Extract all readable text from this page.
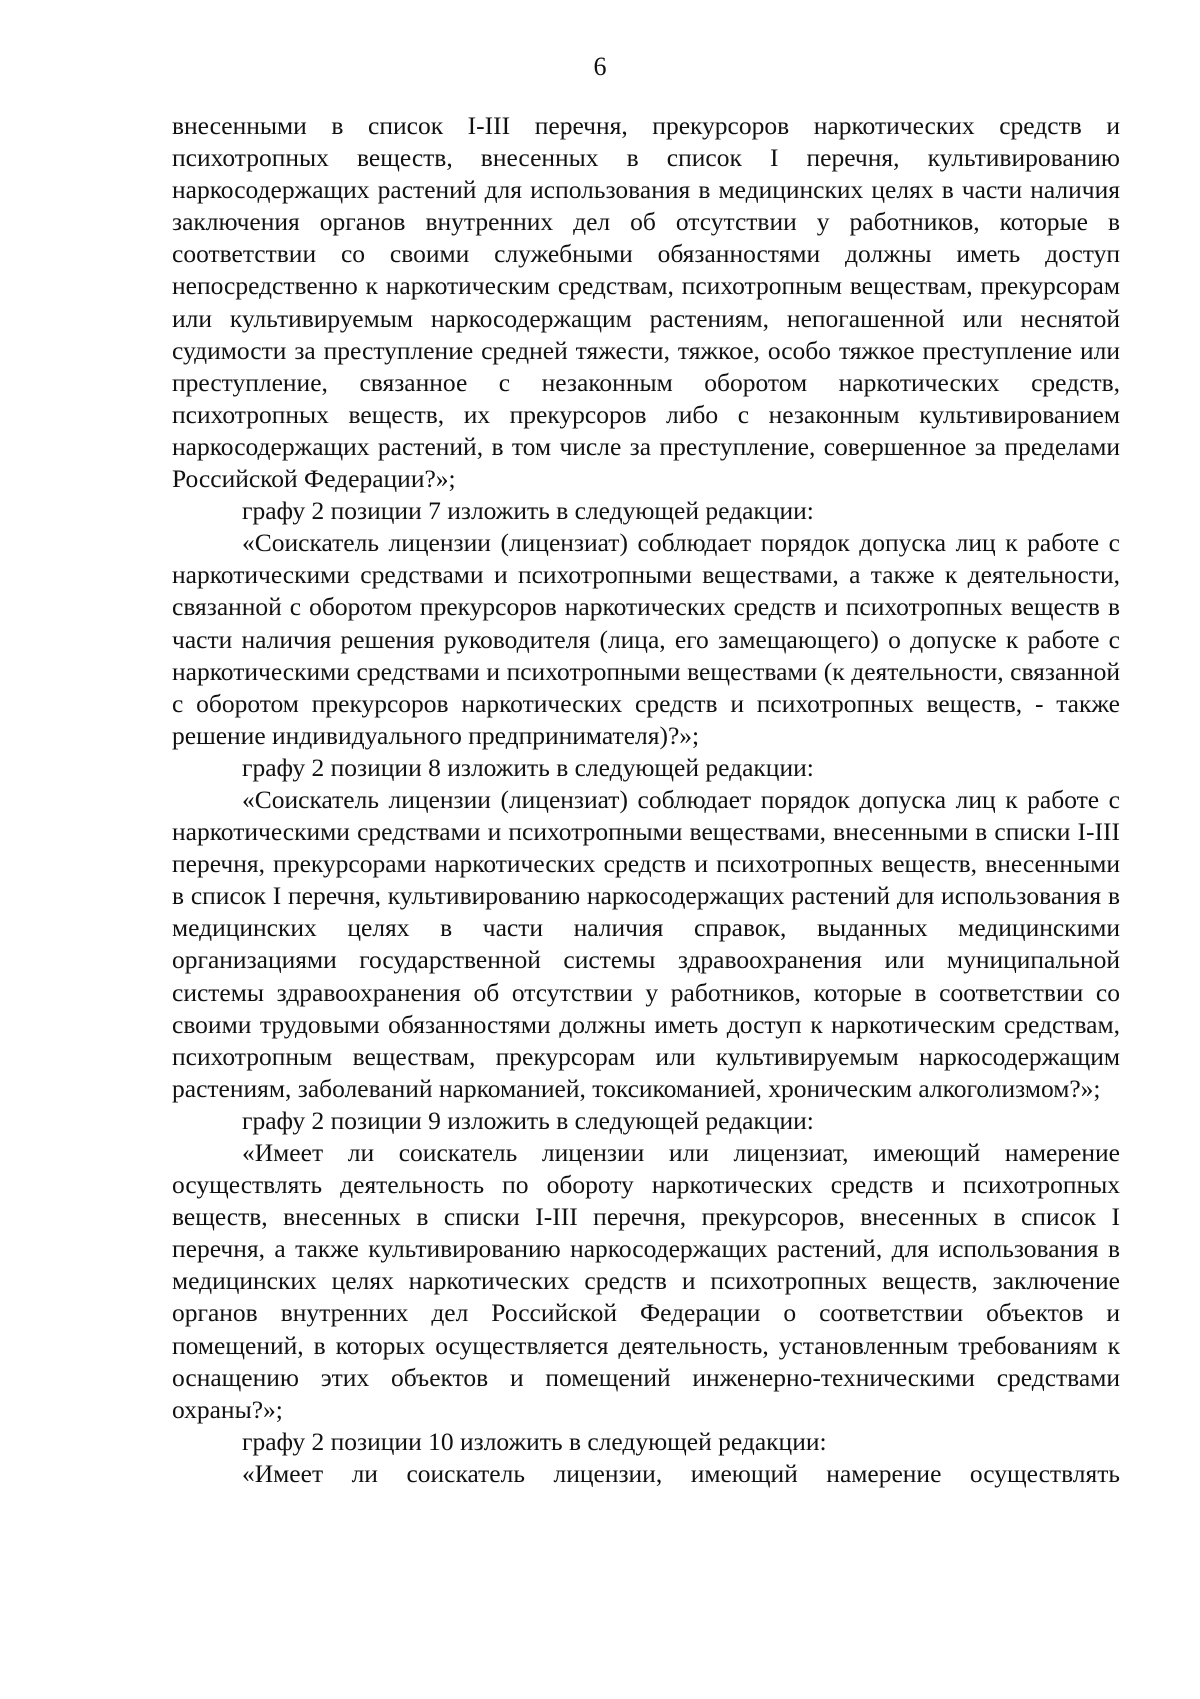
6

внесенными в список I-III перечня, прекурсоров наркотических средств и психотропных веществ, внесенных в список I перечня, культивированию наркосодержащих растений для использования в медицинских целях в части наличия заключения органов внутренних дел об отсутствии у работников, которые в соответствии со своими служебными обязанностями должны иметь доступ непосредственно к наркотическим средствам, психотропным веществам, прекурсорам или культивируемым наркосодержащим растениям, непогашенной или неснятой судимости за преступление средней тяжести, тяжкое, особо тяжкое преступление или преступление, связанное с незаконным оборотом наркотических средств, психотропных веществ, их прекурсоров либо с незаконным культивированием наркосодержащих растений, в том числе за преступление, совершенное за пределами Российской Федерации?»;

графу 2 позиции 7 изложить в следующей редакции:

«Соискатель лицензии (лицензиат) соблюдает порядок допуска лиц к работе с наркотическими средствами и психотропными веществами, а также к деятельности, связанной с оборотом прекурсоров наркотических средств и психотропных веществ в части наличия решения руководителя (лица, его замещающего) о допуске к работе с наркотическими средствами и психотропными веществами (к деятельности, связанной с оборотом прекурсоров наркотических средств и психотропных веществ, - также решение индивидуального предпринимателя)?»;

графу 2 позиции 8 изложить в следующей редакции:

«Соискатель лицензии (лицензиат) соблюдает порядок допуска лиц к работе с наркотическими средствами и психотропными веществами, внесенными в списки I-III перечня, прекурсорами наркотических средств и психотропных веществ, внесенными в список I перечня, культивированию наркосодержащих растений для использования в медицинских целях в части наличия справок, выданных медицинскими организациями государственной системы здравоохранения или муниципальной системы здравоохранения об отсутствии у работников, которые в соответствии со своими трудовыми обязанностями должны иметь доступ к наркотическим средствам, психотропным веществам, прекурсорам или культивируемым наркосодержащим растениям, заболеваний наркоманией, токсикоманией, хроническим алкоголизмом?»;

графу 2 позиции 9 изложить в следующей редакции:

«Имеет ли соискатель лицензии или лицензиат, имеющий намерение осуществлять деятельность по обороту наркотических средств и психотропных веществ, внесенных в списки I-III перечня, прекурсоров, внесенных в список I перечня, а также культивированию наркосодержащих растений, для использования в медицинских целях наркотических средств и психотропных веществ, заключение органов внутренних дел Российской Федерации о соответствии объектов и помещений, в которых осуществляется деятельность, установленным требованиям к оснащению этих объектов и помещений инженерно-техническими средствами охраны?»;

графу 2 позиции 10 изложить в следующей редакции:

«Имеет ли соискатель лицензии, имеющий намерение осуществлять
